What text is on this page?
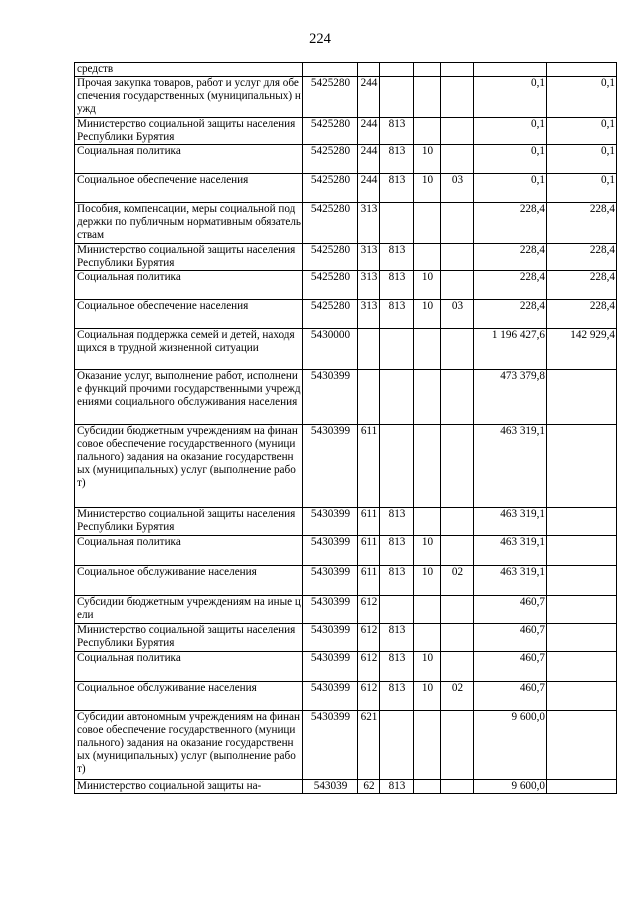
224
средств							
Прочая закупка товаров, работ и услуг для обеспечения государственных (муниципальных) нужд	5425280	244				0,1	0,1
Министерство социальной защиты населения Республики Бурятия	5425280	244	813			0,1	0,1
Социальная политика	5425280	244	813	10		0,1	0,1
Социальное обеспечение населения	5425280	244	813	10	03	0,1	0,1
Пособия, компенсации, меры социальной поддержки по публичным нормативным обязательствам	5425280	313				228,4	228,4
Министерство социальной защиты населения Республики Бурятия	5425280	313	813			228,4	228,4
Социальная политика	5425280	313	813	10		228,4	228,4
Социальное обеспечение населения	5425280	313	813	10	03	228,4	228,4
Социальная поддержка семей и детей, находящихся в трудной жизненной ситуации	5430000					1 196 427,6	142 929,4
Оказание услуг, выполнение работ, исполнение функций прочими государственными учреждениями социального обслуживания населения	5430399					473 379,8	
Субсидии бюджетным учреждениям на финансовое обеспечение государственного (муниципального) задания на оказание государственных (муниципальных) услуг (выполнение работ)	5430399	611				463 319,1	
Министерство социальной защиты населения Республики Бурятия	5430399	611	813			463 319,1	
Социальная политика	5430399	611	813	10		463 319,1	
Социальное обслуживание населения	5430399	611	813	10	02	463 319,1	
Субсидии бюджетным учреждениям на иные цели	5430399	612				460,7	
Министерство социальной защиты населения Республики Бурятия	5430399	612	813			460,7	
Социальная политика	5430399	612	813	10		460,7	
Социальное обслуживание населения	5430399	612	813	10	02	460,7	
Субсидии автономным учреждениям на финансовое обеспечение государственного (муниципального) задания на оказание государственных (муниципальных) услуг (выполнение работ)	5430399	621				9 600,0	
Министерство социальной защиты на-	543039	62	813			9 600,0	
